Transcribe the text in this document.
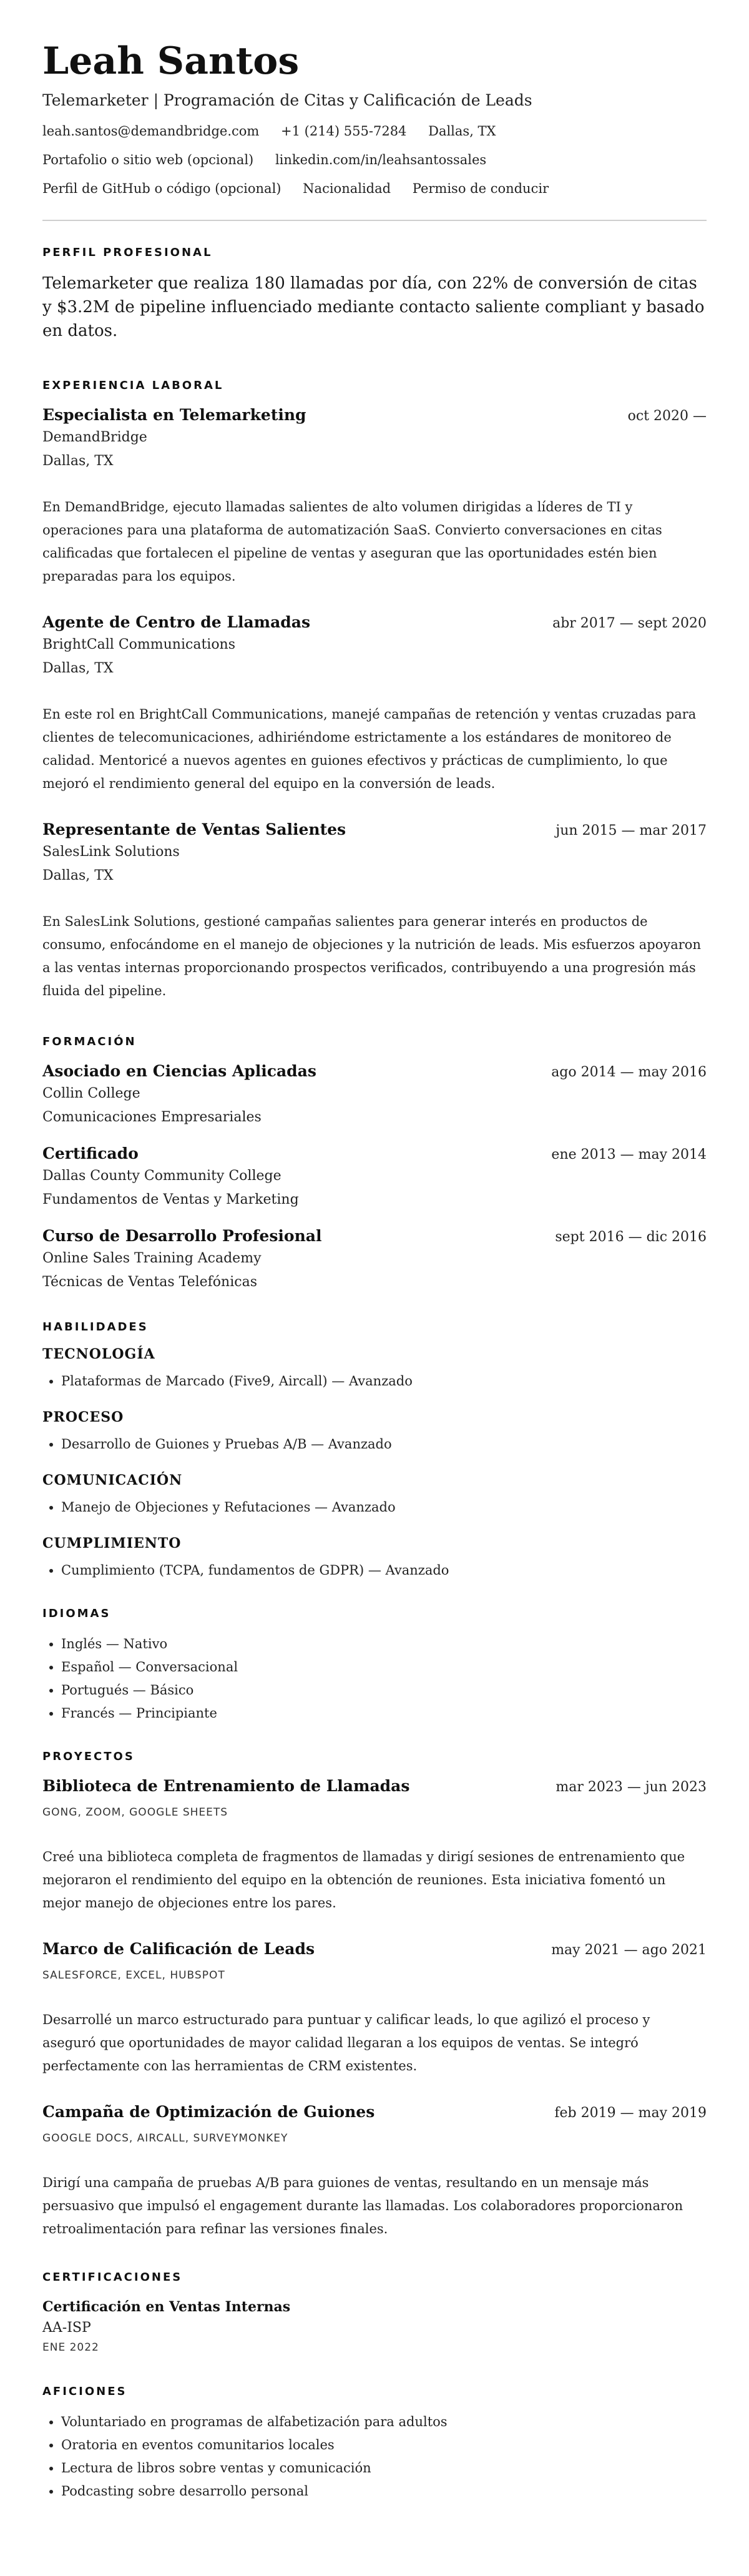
Leah Santos
Telemarketer | Programación de Citas y Calificación de Leads
leah.santos@demandbridge.com +1 (214) 555-7284 Dallas, TX
Portafolio o sitio web (opcional) linkedin.com/in/leahsantossales
Perfil de GitHub o código (opcional) Nacionalidad Permiso de conducir
PERFIL PROFESIONAL

Telemarketer que realiza 180 llamadas por día, con 22% de conversión de citas y $3.2M de pipeline influenciado mediante contacto saliente compliant y basado en datos.

EXPERIENCIA LABORAL
Especialista en Telemarketing	oct 2020 —
DemandBridge
Dallas, TX
En DemandBridge, ejecuto llamadas salientes de alto volumen dirigidas a líderes de TI y operaciones para una plataforma de automatización SaaS. Convierto conversaciones en citas calificadas que fortalecen el pipeline de ventas y aseguran que las oportunidades estén bien preparadas para los equipos.
Agente de Centro de Llamadas	abr 2017 — sept 2020
BrightCall Communications
Dallas, TX
En este rol en BrightCall Communications, manejé campañas de retención y ventas cruzadas para clientes de telecomunicaciones, adhiriéndome estrictamente a los estándares de monitoreo de calidad. Mentoricé a nuevos agentes en guiones efectivos y prácticas de cumplimiento, lo que mejoró el rendimiento general del equipo en la conversión de leads.
Representante de Ventas Salientes	jun 2015 — mar 2017
SalesLink Solutions
Dallas, TX
En SalesLink Solutions, gestioné campañas salientes para generar interés en productos de consumo, enfocándome en el manejo de objeciones y la nutrición de leads. Mis esfuerzos apoyaron a las ventas internas proporcionando prospectos verificados, contribuyendo a una progresión más fluida del pipeline.
FORMACIÓN
Asociado en Ciencias Aplicadas	ago 2014 — may 2016
Collin College
Comunicaciones Empresariales
Certificado	ene 2013 — may 2014
Dallas County Community College
Fundamentos de Ventas y Marketing
Curso de Desarrollo Profesional	sept 2016 — dic 2016
Online Sales Training Academy
Técnicas de Ventas Telefónicas
HABILIDADES
TECNOLOGÍA
• Plataformas de Marcado (Five9, Aircall) — Avanzado
PROCESO
• Desarrollo de Guiones y Pruebas A/B — Avanzado
COMUNICACIÓN
• Manejo de Objeciones y Refutaciones — Avanzado
CUMPLIMIENTO
• Cumplimiento (TCPA, fundamentos de GDPR) — Avanzado
IDIOMAS
• Inglés — Nativo
• Español — Conversacional
• Portugués — Básico
• Francés — Principiante
PROYECTOS
Biblioteca de Entrenamiento de Llamadas	mar 2023 — jun 2023
GONG, ZOOM, GOOGLE SHEETS
Creé una biblioteca completa de fragmentos de llamadas y dirigí sesiones de entrenamiento que mejoraron el rendimiento del equipo en la obtención de reuniones. Esta iniciativa fomentó un mejor manejo de objeciones entre los pares.
Marco de Calificación de Leads	may 2021 — ago 2021
SALESFORCE, EXCEL, HUBSPOT
Desarrollé un marco estructurado para puntuar y calificar leads, lo que agilizó el proceso y aseguró que oportunidades de mayor calidad llegaran a los equipos de ventas. Se integró perfectamente con las herramientas de CRM existentes.
Campaña de Optimización de Guiones	feb 2019 — may 2019
GOOGLE DOCS, AIRCALL, SURVEYMONKEY
Dirigí una campaña de pruebas A/B para guiones de ventas, resultando en un mensaje más persuasivo que impulsó el engagement durante las llamadas. Los colaboradores proporcionaron retroalimentación para refinar las versiones finales.
CERTIFICACIONES
Certificación en Ventas Internas
AA-ISP
ENE 2022
AFICIONES
• Voluntariado en programas de alfabetización para adultos
• Oratoria en eventos comunitarios locales
• Lectura de libros sobre ventas y comunicación
• Podcasting sobre desarrollo personal
